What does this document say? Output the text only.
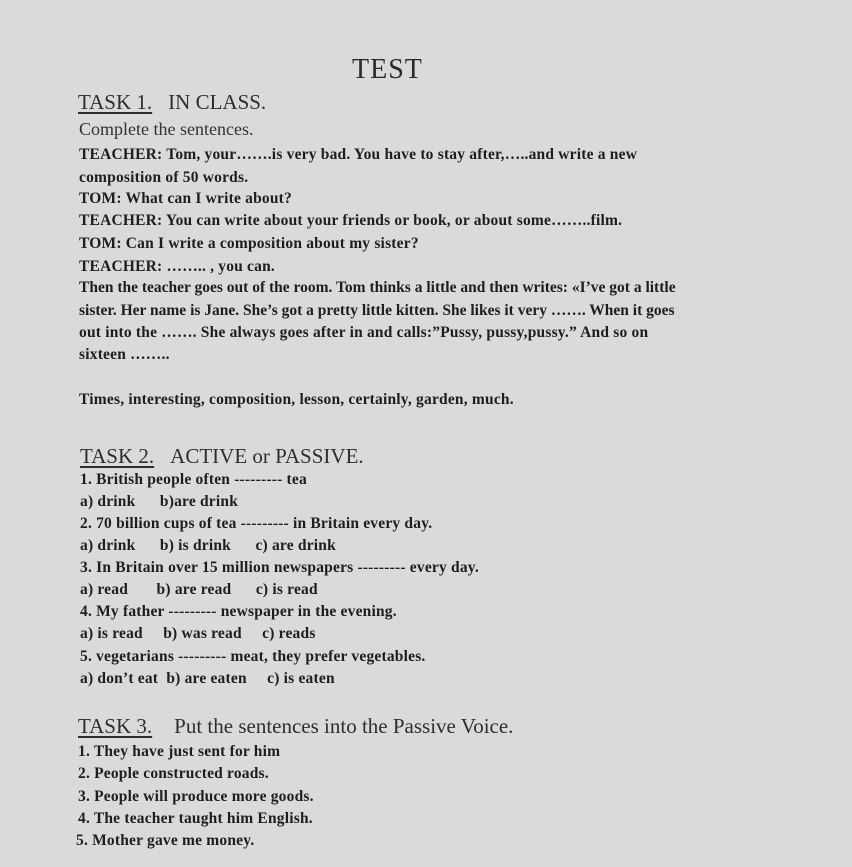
TEST
TASK 1. IN CLASS.
Complete the sentences.
TEACHER: Tom, your…….is very bad. You have to stay after,…..and write a new
composition of 50 words.
TOM: What can I write about?
TEACHER: You can write about your friends or book, or about some……..film.
TOM: Can I write a composition about my sister?
TEACHER: …….. , you can.
Then the teacher goes out of the room. Tom thinks a little and then writes: «I’ve got a little
sister. Her name is Jane. She’s got a pretty little kitten. She likes it very ……. When it goes
out into the ……. She always goes after in and calls:”Pussy, pussy,pussy.” And so on
sixteen ……..
Times, interesting, composition, lesson, certainly, garden, much.
TASK 2. ACTIVE or PASSIVE.
1. British people often --------- tea
a) drink      b)are drink
2. 70 billion cups of tea --------- in Britain every day.
a) drink      b) is drink      c) are drink
3. In Britain over 15 million newspapers --------- every day.
a) read       b) are read      c) is read
4. My father --------- newspaper in the evening.
a) is read     b) was read     c) reads
5. vegetarians --------- meat, they prefer vegetables.
a) don’t eat  b) are eaten     c) is eaten
TASK 3. Put the sentences into the Passive Voice.
1. They have just sent for him
2. People constructed roads.
3. People will produce more goods.
4. The teacher taught him English.
5. Mother gave me money.
